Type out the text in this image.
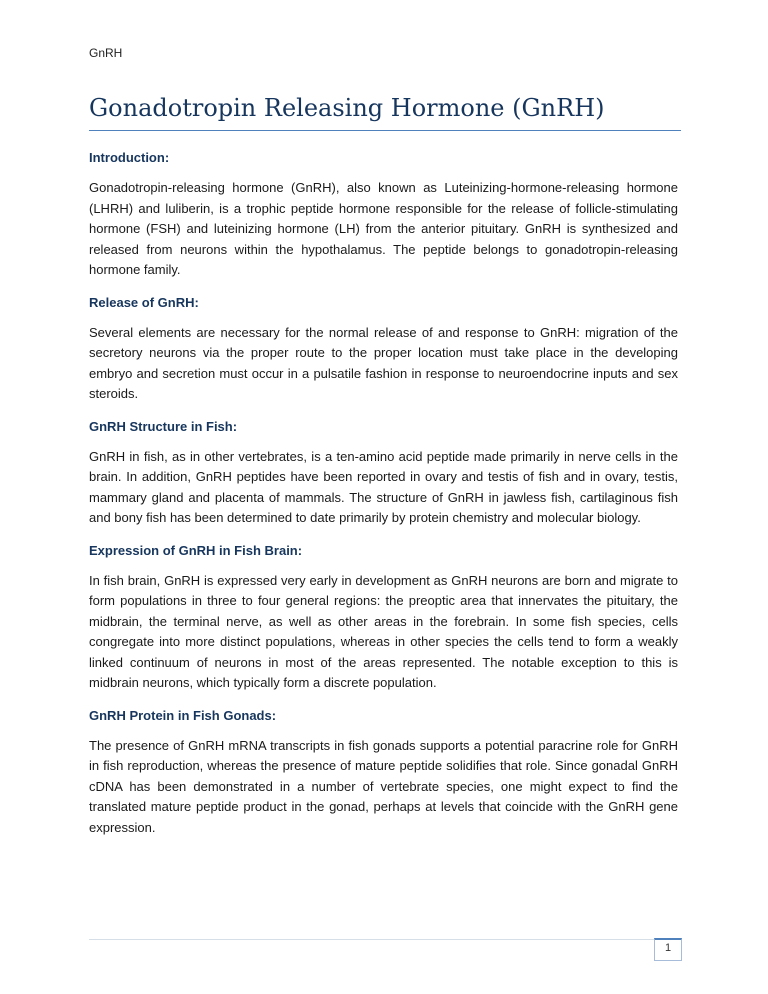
GnRH
Gonadotropin Releasing Hormone (GnRH)
Introduction:

Gonadotropin-releasing hormone (GnRH), also known as Luteinizing-hormone-releasing hormone (LHRH) and luliberin, is a trophic peptide hormone responsible for the release of follicle-stimulating hormone (FSH) and luteinizing hormone (LH) from the anterior pituitary. GnRH is synthesized and released from neurons within the hypothalamus. The peptide belongs to gonadotropin-releasing hormone family.

Release of GnRH:

Several elements are necessary for the normal release of and response to GnRH: migration of the secretory neurons via the proper route to the proper location must take place in the developing embryo and secretion must occur in a pulsatile fashion in response to neuroendocrine inputs and sex steroids.

GnRH Structure in Fish:

GnRH in fish, as in other vertebrates, is a ten-amino acid peptide made primarily in nerve cells in the brain. In addition, GnRH peptides have been reported in ovary and testis of fish and in ovary, testis, mammary gland and placenta of mammals. The structure of GnRH in jawless fish, cartilaginous fish and bony fish has been determined to date primarily by protein chemistry and molecular biology.

Expression of GnRH in Fish Brain:

In fish brain, GnRH is expressed very early in development as GnRH neurons are born and migrate to form populations in three to four general regions: the preoptic area that innervates the pituitary, the midbrain, the terminal nerve, as well as other areas in the forebrain. In some fish species, cells congregate into more distinct populations, whereas in other species the cells tend to form a weakly linked continuum of neurons in most of the areas represented. The notable exception to this is midbrain neurons, which typically form a discrete population.

GnRH Protein in Fish Gonads:

The presence of GnRH mRNA transcripts in fish gonads supports a potential paracrine role for GnRH in fish reproduction, whereas the presence of mature peptide solidifies that role. Since gonadal GnRH cDNA has been demonstrated in a number of vertebrate species, one might expect to find the translated mature peptide product in the gonad, perhaps at levels that coincide with the GnRH gene expression.

1
